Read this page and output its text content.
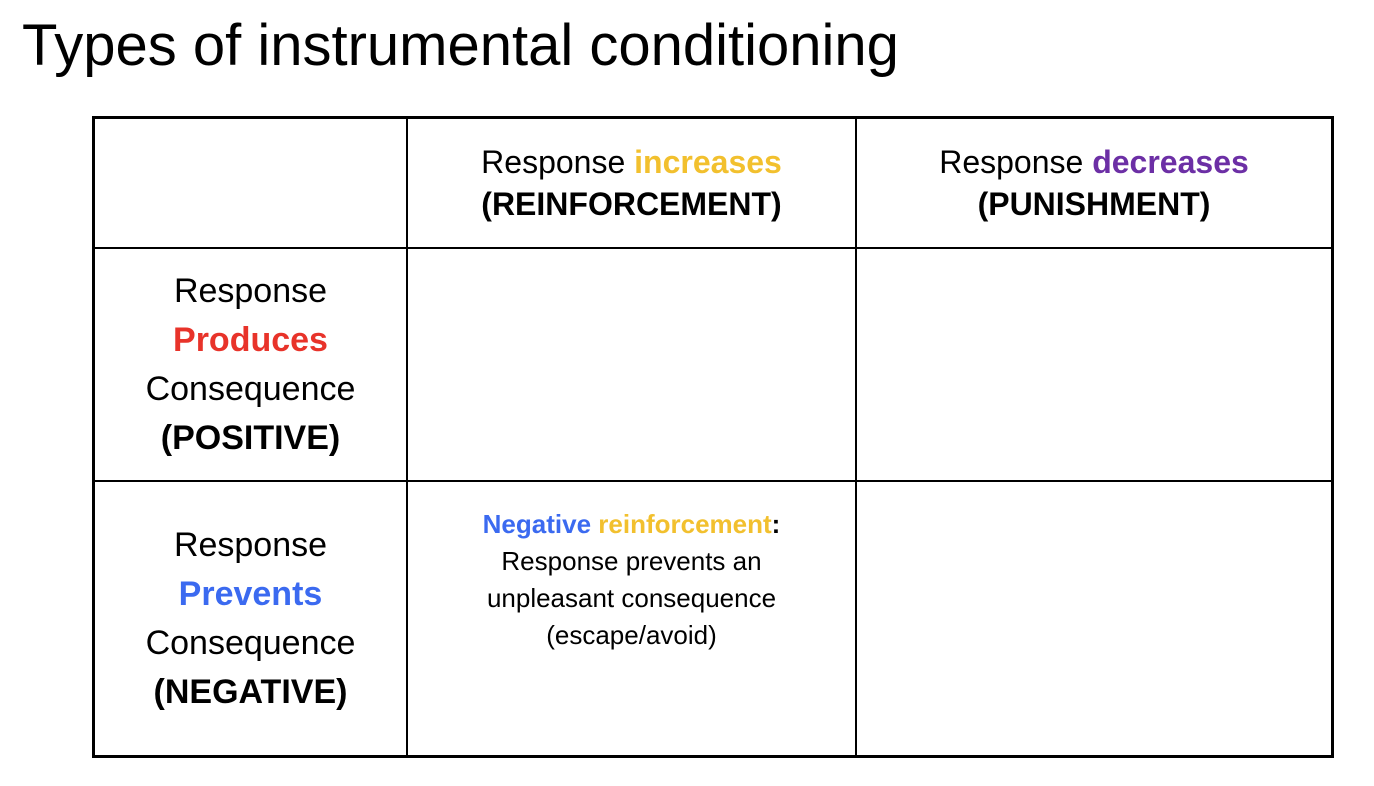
Types of instrumental conditioning
Response increases
(REINFORCEMENT)
Response decreases
(PUNISHMENT)
Response
Produces
Consequence
(POSITIVE)
Response
Prevents
Consequence
(NEGATIVE)
Negative reinforcement:
Response prevents an
unpleasant consequence
(escape/avoid)
